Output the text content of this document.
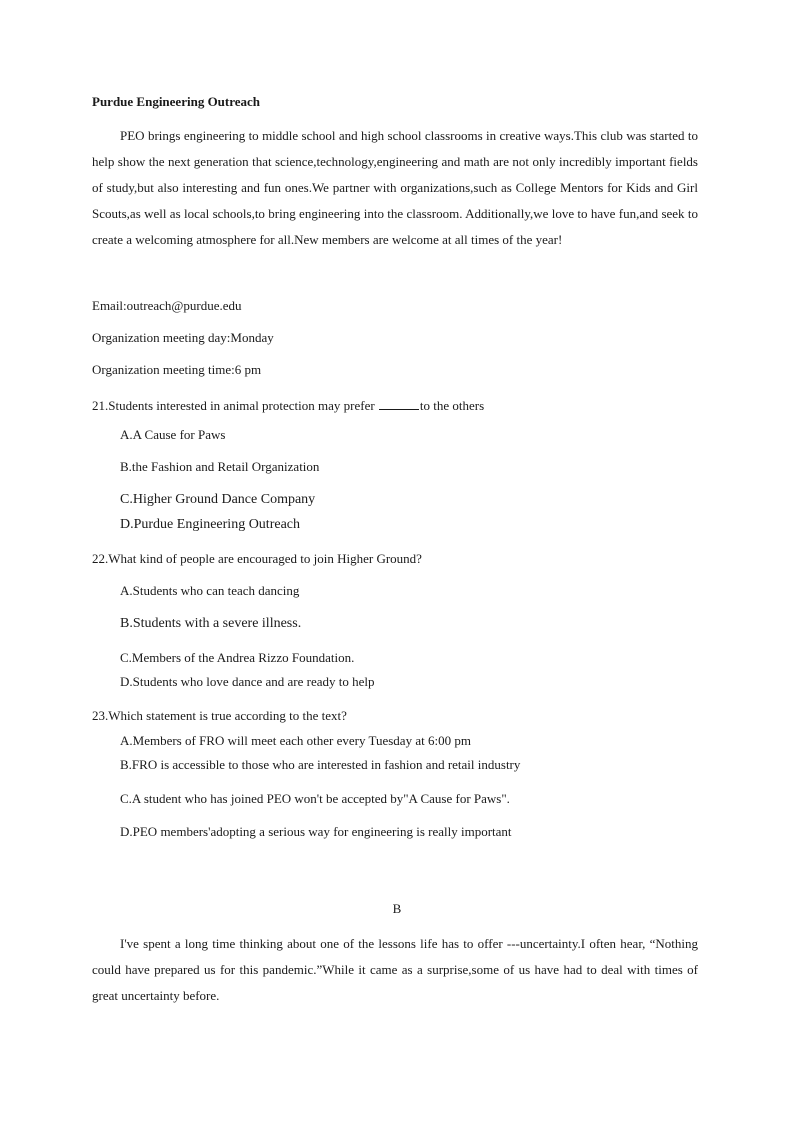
Purdue Engineering Outreach
PEO brings engineering to middle school and high school classrooms in creative ways.This club was started to help show the next generation that science,technology,engineering and math are not only incredibly important fields of study,but also interesting and fun ones.We partner with organizations,such as College Mentors for Kids and Girl Scouts,as well as local schools,to bring engineering into the classroom. Additionally,we love to have fun,and seek to create a welcoming atmosphere for all.New members are welcome at all times of the year!
Email:outreach@purdue.edu
Organization meeting day:Monday
Organization meeting time:6 pm
21.Students interested in animal protection may prefer	to the others
A.A Cause for Paws
B.the Fashion and Retail Organization
C.Higher Ground Dance Company
D.Purdue Engineering Outreach
22.What kind of people are encouraged to join Higher Ground?
A.Students who can teach dancing
B.Students with a severe illness.
C.Members of the Andrea Rizzo Foundation.
D.Students who love dance and are ready to help
23.Which statement is true according to the text?
A.Members of FRO will meet each other every Tuesday at 6:00 pm
B.FRO is accessible to those who are interested in fashion and retail industry
C.A student who has joined PEO won't be accepted by"A Cause for Paws".
D.PEO members'adopting a serious way for engineering is really important
B
I've spent a long time thinking about one of the lessons life has to offer ---uncertainty.I often hear, “Nothing could have prepared us for this pandemic.”While it came as a surprise,some of us have had to deal with times of great uncertainty before.
